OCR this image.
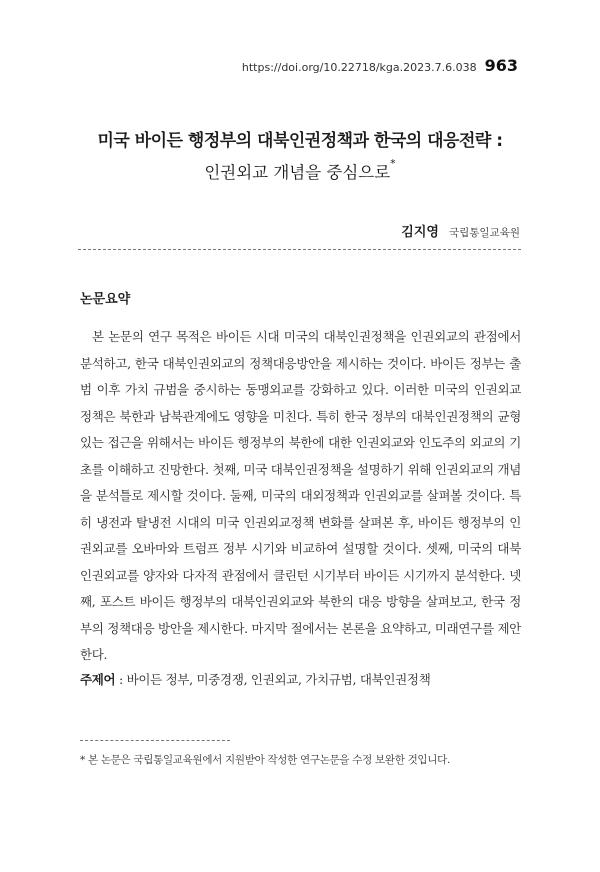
https://doi.org/10.22718/kga.2023.7.6.038 963
미국 바이든 행정부의 대북인권정책과 한국의 대응전략 :
인권외교 개념을 중심으로*
김지영 국립통일교육원
논문요약

본 논문의 연구 목적은 바이든 시대 미국의 대북인권정책을 인권외교의 관점에서 분석하고, 한국 대북인권외교의 정책대응방안을 제시하는 것이다. 바이든 정부는 출범 이후 가치 규범을 중시하는 동맹외교를 강화하고 있다. 이러한 미국의 인권외교 정책은 북한과 남북관계에도 영향을 미친다. 특히 한국 정부의 대북인권정책의 균형 있는 접근을 위해서는 바이든 행정부의 북한에 대한 인권외교와 인도주의 외교의 기초를 이해하고 진망한다. 첫째, 미국 대북인권정책을 설명하기 위해 인권외교의 개념을 분석틀로 제시할 것이다. 둘째, 미국의 대외정책과 인권외교를 살펴볼 것이다. 특히 냉전과 탈냉전 시대의 미국 인권외교정책 변화를 살펴본 후, 바이든 행정부의 인권외교를 오바마와 트럼프 정부 시기와 비교하여 설명할 것이다. 셋째, 미국의 대북인권외교를 양자와 다자적 관점에서 클린턴 시기부터 바이든 시기까지 분석한다. 넷째, 포스트 바이든 행정부의 대북인권외교와 북한의 대응 방향을 살펴보고, 한국 정부의 정책대응 방안을 제시한다. 마지막 절에서는 본론을 요약하고, 미래연구를 제안한다.

주제어 : 바이든 정부, 미중경쟁, 인권외교, 가치규범, 대북인권정책
* 본 논문은 국립통일교육원에서 지원받아 작성한 연구논문을 수정 보완한 것입니다.
